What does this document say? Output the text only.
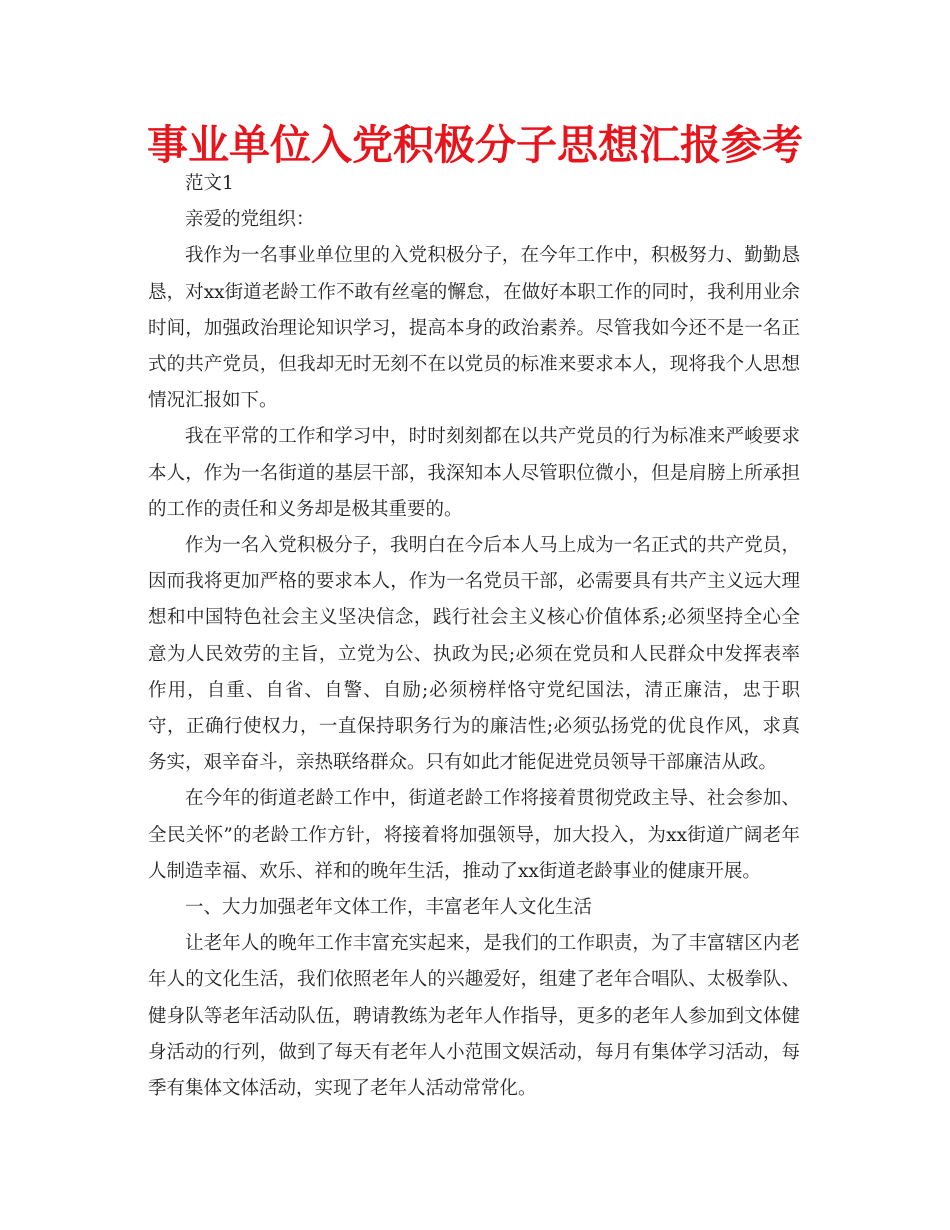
事业单位入党积极分子思想汇报参考

范文1

亲爱的党组织：

我作为一名事业单位里的入党积极分子，在今年工作中，积极努力、勤勤恳恳，对xx街道老龄工作不敢有丝毫的懈怠，在做好本职工作的同时，我利用业余时间，加强政治理论知识学习，提高本身的政治素养。尽管我如今还不是一名正式的共产党员，但我却无时无刻不在以党员的标准来要求本人，现将我个人思想情况汇报如下。

我在平常的工作和学习中，时时刻刻都在以共产党员的行为标准来严峻要求本人，作为一名街道的基层干部，我深知本人尽管职位微小，但是肩膀上所承担的工作的责任和义务却是极其重要的。

作为一名入党积极分子，我明白在今后本人马上成为一名正式的共产党员，因而我将更加严格的要求本人，作为一名党员干部，必需要具有共产主义远大理想和中国特色社会主义坚决信念，践行社会主义核心价值体系;必须坚持全心全意为人民效劳的主旨，立党为公、执政为民;必须在党员和人民群众中发挥表率作用，自重、自省、自警、自励;必须榜样恪守党纪国法，清正廉洁，忠于职守，正确行使权力，一直保持职务行为的廉洁性;必须弘扬党的优良作风，求真务实，艰辛奋斗，亲热联络群众。只有如此才能促进党员领导干部廉洁从政。

在今年的街道老龄工作中，街道老龄工作将接着贯彻党政主导、社会参加、全民关怀”的老龄工作方针，将接着将加强领导，加大投入，为xx街道广阔老年人制造幸福、欢乐、祥和的晚年生活，推动了xx街道老龄事业的健康开展。

一、大力加强老年文体工作，丰富老年人文化生活

让老年人的晚年工作丰富充实起来，是我们的工作职责，为了丰富辖区内老年人的文化生活，我们依照老年人的兴趣爱好，组建了老年合唱队、太极拳队、健身队等老年活动队伍，聘请教练为老年人作指导，更多的老年人参加到文体健身活动的行列，做到了每天有老年人小范围文娱活动，每月有集体学习活动，每季有集体文体活动，实现了老年人活动常常化。
